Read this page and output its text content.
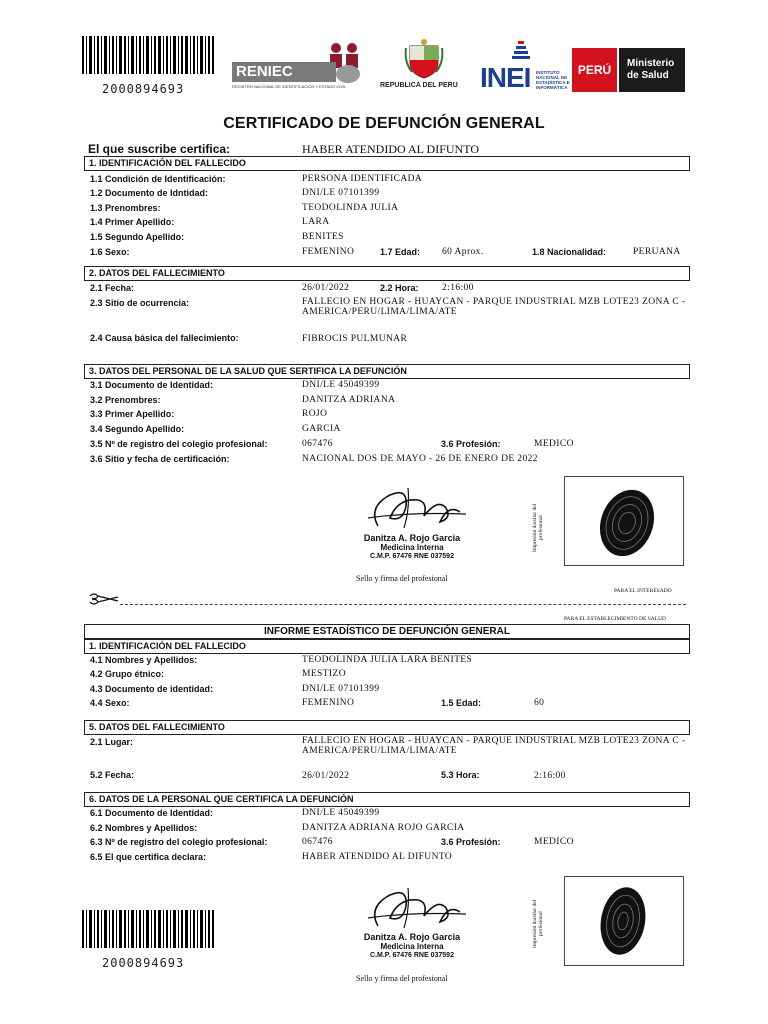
2000894693
RENIEC
REGISTRO NACIONAL DE IDENTIFICACIÓN Y ESTADO CIVIL	REPUBLICA DEL PERU INEI INSTITUTO
NACIONAL DE
ESTADÍSTICA E
INFORMÁTICA
PERÚ	Ministerio
de Salud
CERTIFICADO DE DEFUNCIÓN GENERAL
El que suscribe certifica:	HABER ATENDIDO AL DIFUNTO
1. IDENTIFICACIÓN DEL FALLECIDO
1.1 Condición de Identificación:	PERSONA IDENTIFICADA
1.2 Documento de Idntidad:	DNI/LE 07101399
1.3 Prenombres:	TEODOLINDA JULIA
1.4 Primer Apellido:	LARA
1.5 Segundo Apellido:	BENITES
1.6 Sexo:	FEMENINO	1.7 Edad: 60 Aprox.	1.8 Nacionalidad:	PERUANA
2. DATOS DEL FALLECIMIENTO
2.1 Fecha:	26/01/2022	2.2 Hora: 2:16:00
2.3 Sitio de ocurrencia:	FALLECIO EN HOGAR - HUAYCAN - PARQUE INDUSTRIAL MZB LOTE23 ZONA C - AMERICA/PERU/LIMA/LIMA/ATE
2.4 Causa básica del fallecimiento:	FIBROCIS PULMUNAR
3. DATOS DEL PERSONAL DE LA SALUD QUE SERTIFICA LA DEFUNCIÓN
3.1 Documento de Identidad:	DNI/LE 45049399
3.2 Prenombres:	DANITZA ADRIANA
3.3 Primer Apellido:	ROJO
3.4 Segundo Apellido:	GARCIA
3.5 Nº de registro del colegio profesional:	067476	3.6 Profesión:	MEDICO
3.6 Sitio y fecha de certificación:	NACIONAL DOS DE MAYO - 26 DE ENERO DE 2022
Danitza A. Rojo Garcia
Medicina Interna
C.M.P. 67476 RNE 037592
Sello y firma del profesional
Impresión dactilar del profesional
PARA EL INTERESADO
PARA EL ESTABLECIMIENTO DE SALUD
INFORME ESTADÍSTICO DE DEFUNCIÓN GENERAL
1. IDENTIFICACIÓN DEL FALLECIDO
4.1 Nombres y Apellidos:	TEODOLINDA JULIA LARA BENITES
4.2 Grupo étnico:	MESTIZO
4.3 Documento de identidad:	DNI/LE 07101399
4.4 Sexo:	FEMENINO	1.5 Edad:	60
5. DATOS DEL FALLECIMIENTO
2.1 Lugar:	FALLECIO EN HOGAR - HUAYCAN - PARQUE INDUSTRIAL MZB LOTE23 ZONA C - AMERICA/PERU/LIMA/LIMA/ATE
5.2 Fecha:	26/01/2022	5.3 Hora:	2:16:00
6. DATOS DE LA PERSONAL QUE CERTIFICA LA DEFUNCIÓN
6.1 Documento de Identidad:	DNI/LE 45049399
6.2 Nombres y Apellidos:	DANITZA ADRIANA ROJO GARCIA
6.3 Nº de registro del colegio profesional:	067476	3.6 Profesión:	MEDICO
6.5 El que certifica declara:	HABER ATENDIDO AL DIFUNTO
2000894693
Danitza A. Rojo Garcia
Medicina Interna
C.M.P. 67476 RNE 037592
Sello y firma del profesional
Impresión dactilar del profesional
